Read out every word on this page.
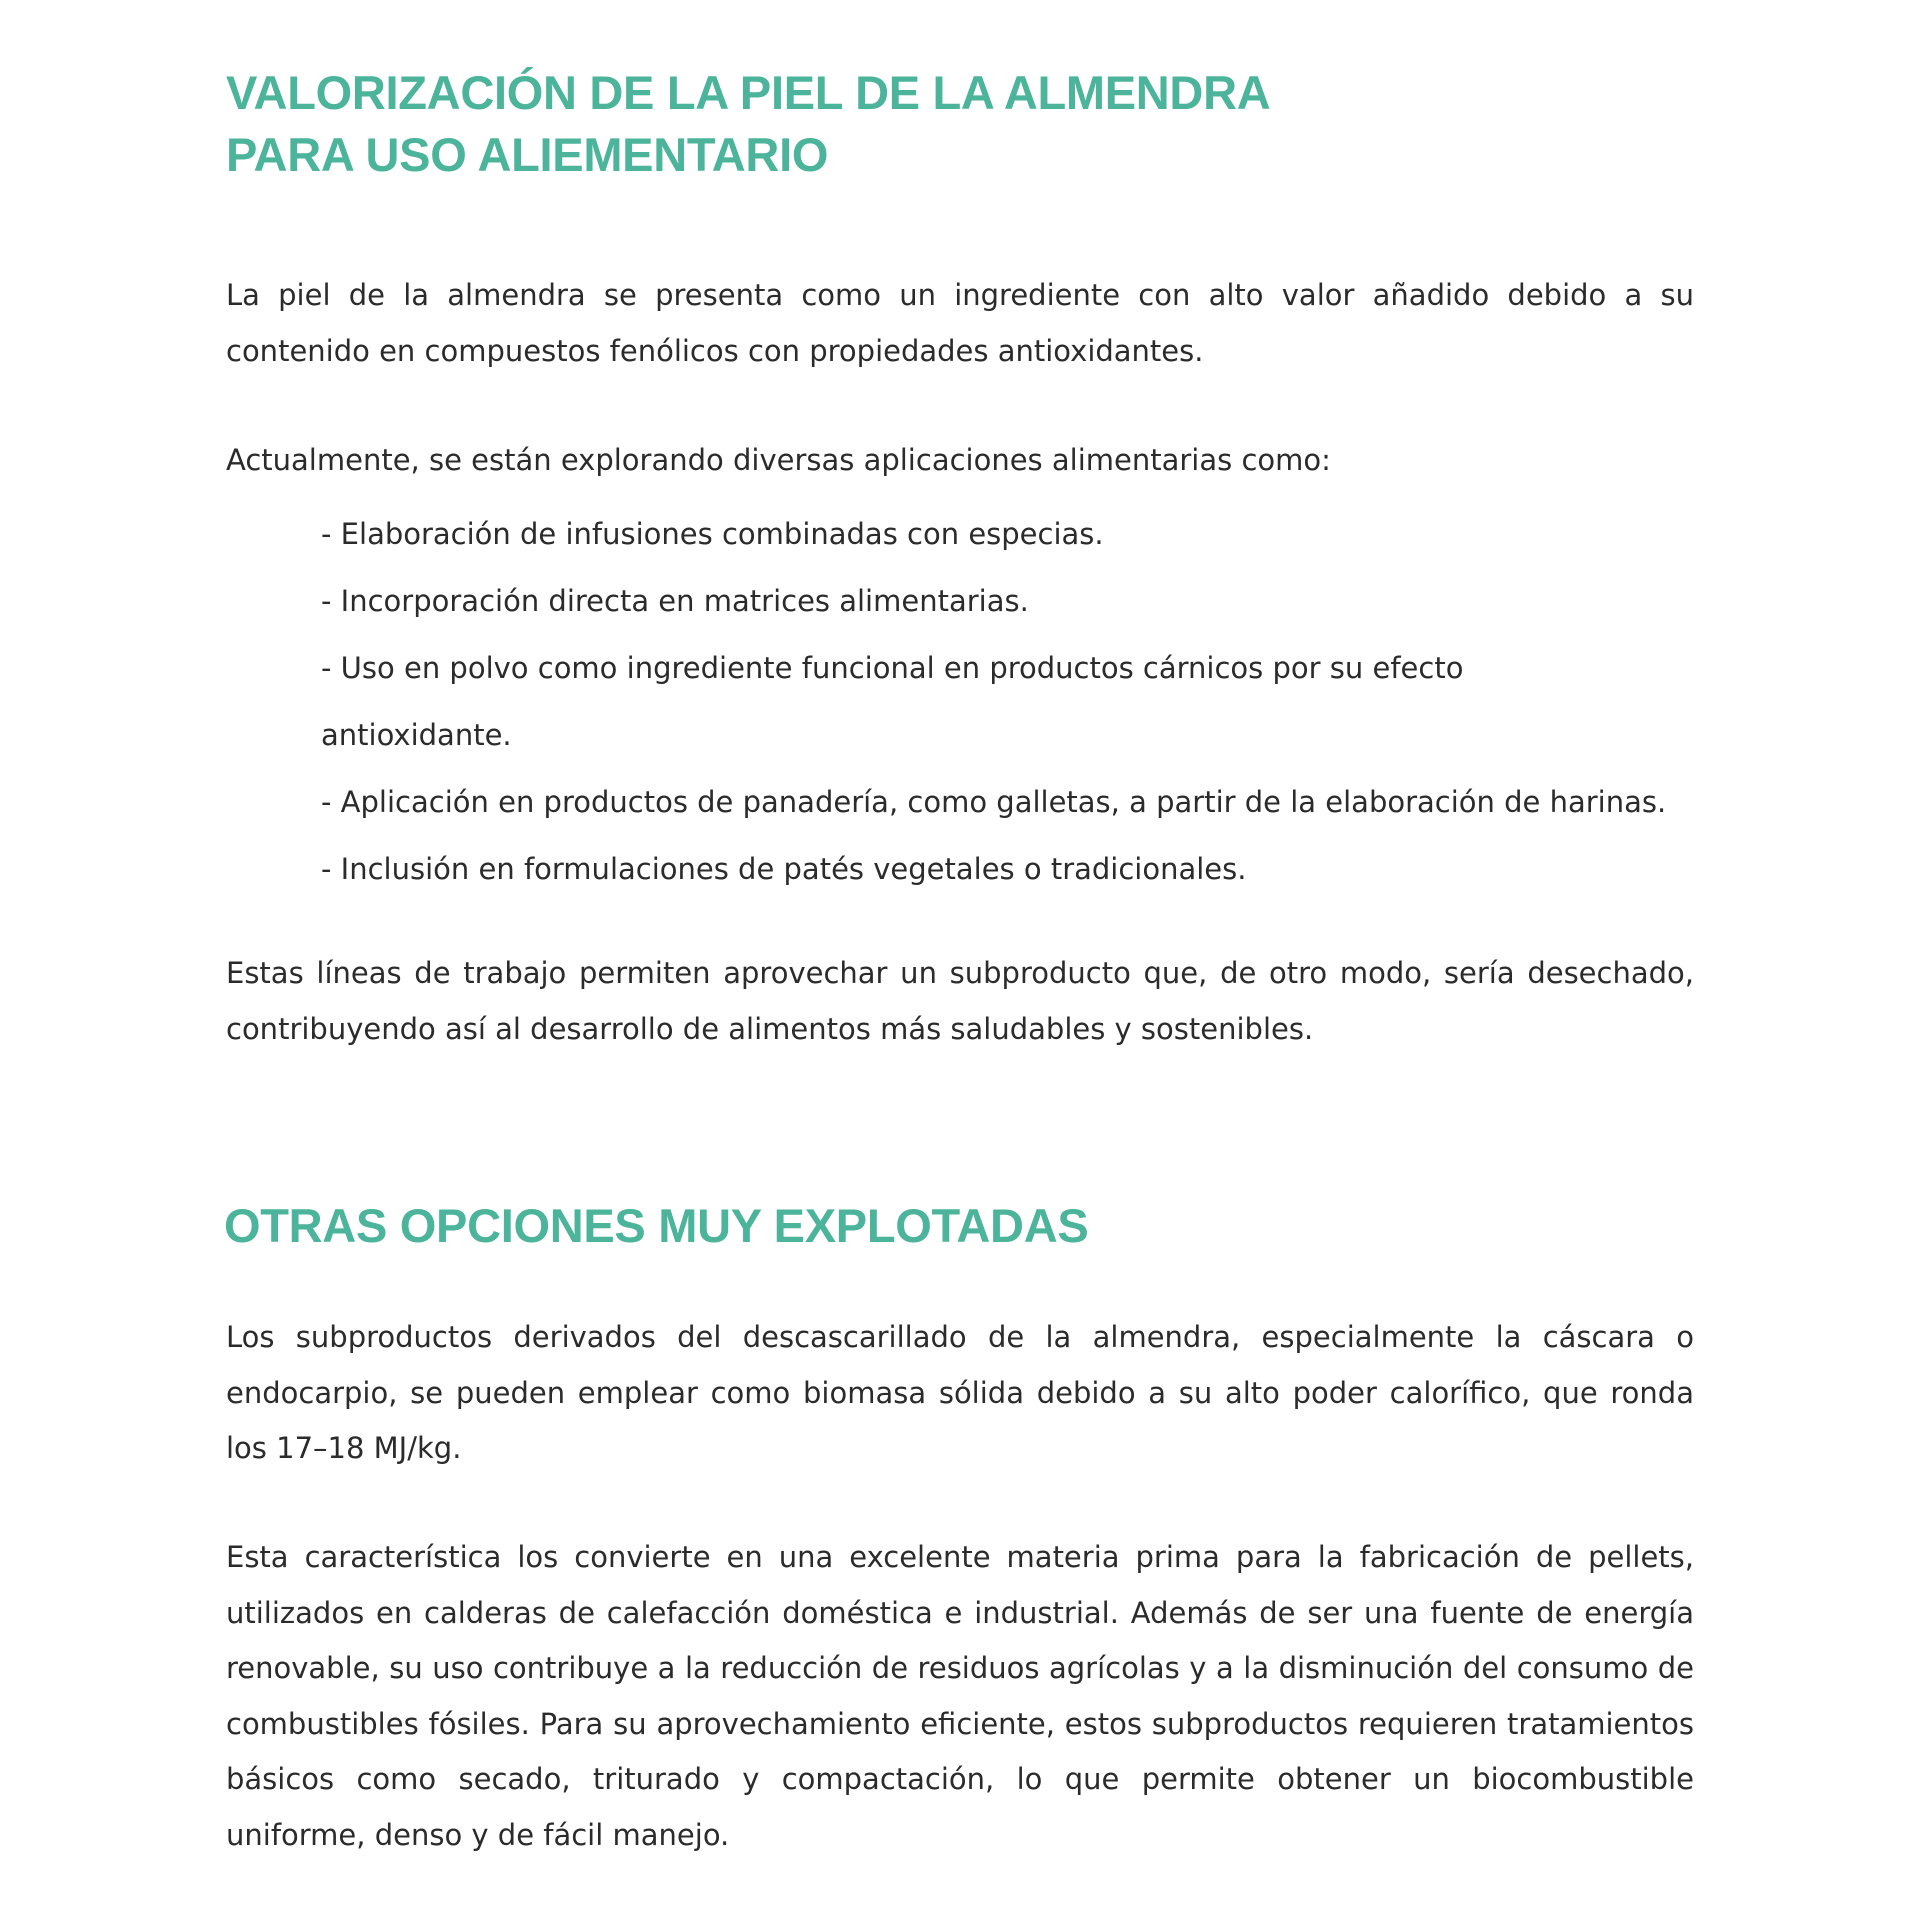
VALORIZACIÓN DE LA PIEL DE LA ALMENDRA
PARA USO ALIEMENTARIO

La piel de la almendra se presenta como un ingrediente con alto valor añadido debido a su contenido en compuestos fenólicos con propiedades antioxidantes.

Actualmente, se están explorando diversas aplicaciones alimentarias como:

- Elaboración de infusiones combinadas con especias.
- Incorporación directa en matrices alimentarias.
- Uso en polvo como ingrediente funcional en productos cárnicos por su efecto
antioxidante.
- Aplicación en productos de panadería, como galletas, a partir de la elaboración de harinas.
- Inclusión en formulaciones de patés vegetales o tradicionales.

Estas líneas de trabajo permiten aprovechar un subproducto que, de otro modo, sería desechado, contribuyendo así al desarrollo de alimentos más saludables y sostenibles.

OTRAS OPCIONES MUY EXPLOTADAS

Los subproductos derivados del descascarillado de la almendra, especialmente la cáscara o endocarpio, se pueden emplear como biomasa sólida debido a su alto poder calorífico, que ronda los 17–18 MJ/kg.

Esta característica los convierte en una excelente materia prima para la fabricación de pellets, utilizados en calderas de calefacción doméstica e industrial. Además de ser una fuente de energía renovable, su uso contribuye a la reducción de residuos agrícolas y a la disminución del consumo de combustibles fósiles. Para su aprovechamiento eficiente, estos subproductos requieren tratamientos básicos como secado, triturado y compactación, lo que permite obtener un biocombustible uniforme, denso y de fácil manejo.
